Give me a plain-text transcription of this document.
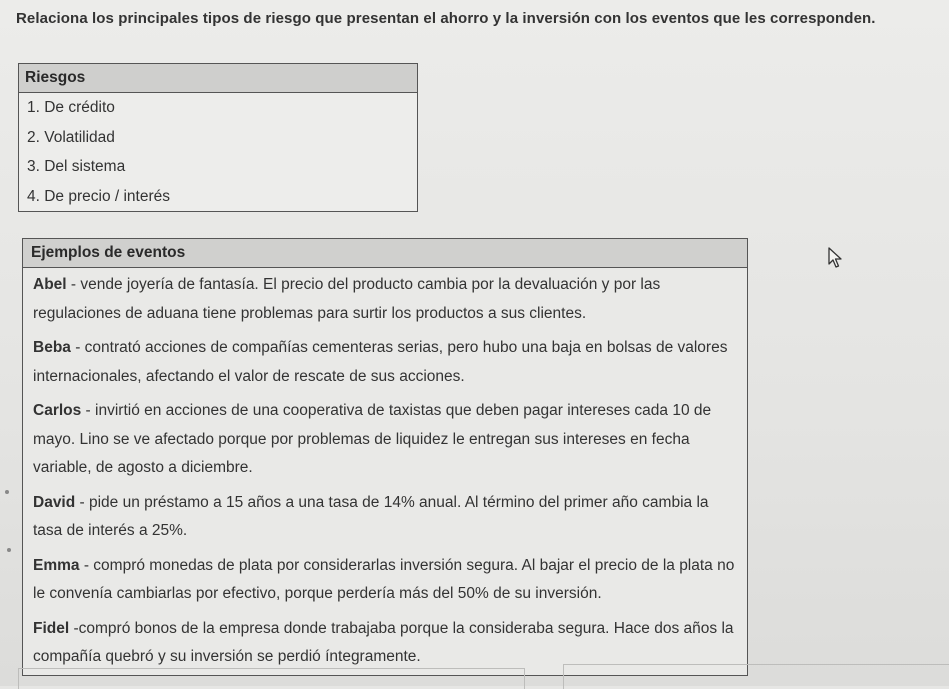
Relaciona los principales tipos de riesgo que presentan el ahorro y la inversión con los eventos que les corresponden.
Riesgos
1. De crédito
2. Volatilidad
3. Del sistema
4. De precio / interés
Ejemplos de eventos
Abel - vende joyería de fantasía. El precio del producto cambia por la devaluación y por las regulaciones de aduana tiene problemas para surtir los productos a sus clientes.
Beba - contrató acciones de compañías cementeras serias, pero hubo una baja en bolsas de valores internacionales, afectando el valor de rescate de sus acciones.
Carlos - invirtió en acciones de una cooperativa de taxistas que deben pagar intereses cada 10 de mayo. Lino se ve afectado porque por problemas de liquidez le entregan sus intereses en fecha variable, de agosto a diciembre.
David - pide un préstamo a 15 años a una tasa de 14% anual. Al término del primer año cambia la tasa de interés a 25%.
Emma - compró monedas de plata por considerarlas inversión segura. Al bajar el precio de la plata no le convenía cambiarlas por efectivo, porque perdería más del 50% de su inversión.
Fidel -compró bonos de la empresa donde trabajaba porque la consideraba segura. Hace dos años la compañía quebró y su inversión se perdió íntegramente.
